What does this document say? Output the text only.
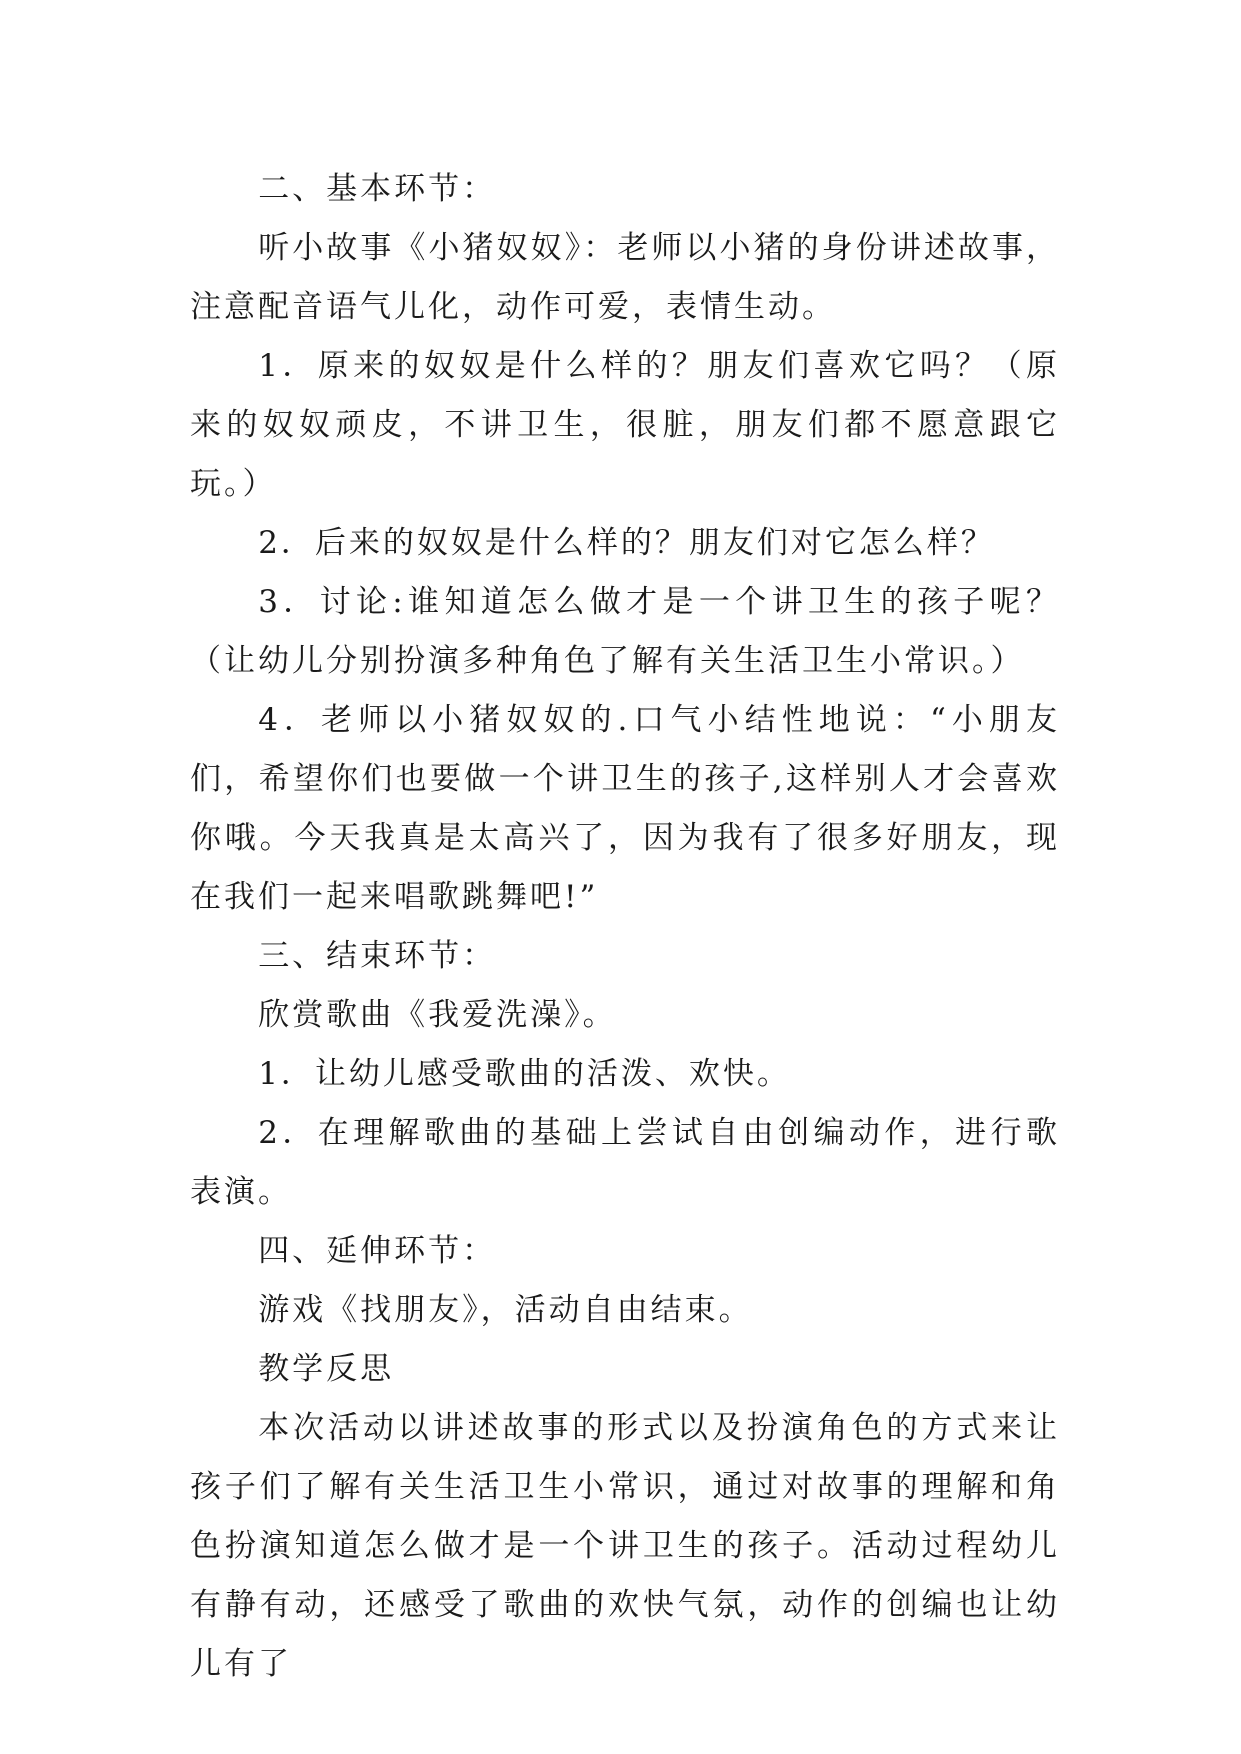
二、基本环节：

听小故事《小猪奴奴》：老师以小猪的身份讲述故事，注意配音语气儿化，动作可爱，表情生动。

1．原来的奴奴是什么样的？朋友们喜欢它吗？（原来的奴奴顽皮，不讲卫生，很脏，朋友们都不愿意跟它玩。）

2．后来的奴奴是什么样的？朋友们对它怎么样？

3．讨论:谁知道怎么做才是一个讲卫生的孩子呢？（让幼儿分别扮演多种角色了解有关生活卫生小常识。）

4．老师以小猪奴奴的.口气小结性地说：“小朋友们，希望你们也要做一个讲卫生的孩子,这样别人才会喜欢你哦。今天我真是太高兴了，因为我有了很多好朋友，现在我们一起来唱歌跳舞吧!”

三、结束环节：

欣赏歌曲《我爱洗澡》。

1．让幼儿感受歌曲的活泼、欢快。

2．在理解歌曲的基础上尝试自由创编动作，进行歌表演。

四、延伸环节：

游戏《找朋友》，活动自由结束。

教学反思

本次活动以讲述故事的形式以及扮演角色的方式来让孩子们了解有关生活卫生小常识，通过对故事的理解和角色扮演知道怎么做才是一个讲卫生的孩子。活动过程幼儿有静有动，还感受了歌曲的欢快气氛，动作的创编也让幼儿有了
